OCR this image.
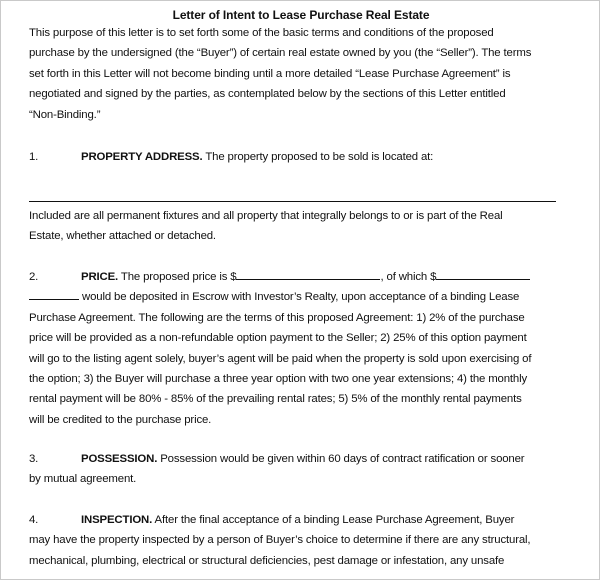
Letter of Intent to Lease Purchase Real Estate
This purpose of this letter is to set forth some of the basic terms and conditions of the proposed
purchase by the undersigned (the “Buyer”) of certain real estate owned by you (the “Seller”). The terms
set forth in this Letter will not become binding until a more detailed “Lease Purchase Agreement” is
negotiated and signed by the parties, as contemplated below by the sections of this Letter entitled
“Non-Binding.”
1.	PROPERTY ADDRESS. The property proposed to be sold is located at:
Included are all permanent fixtures and all property that integrally belongs to or is part of the Real
Estate, whether attached or detached.
2.	PRICE. The proposed price is $	, of which $
would be deposited in Escrow with Investor’s Realty, upon acceptance of a binding Lease
Purchase Agreement. The following are the terms of this proposed Agreement: 1) 2% of the purchase
price will be provided as a non-refundable option payment to the Seller; 2) 25% of this option payment
will go to the listing agent solely, buyer’s agent will be paid when the property is sold upon exercising of
the option; 3) the Buyer will purchase a three year option with two one year extensions; 4) the monthly
rental payment will be 80% - 85% of the prevailing rental rates; 5) 5% of the monthly rental payments
will be credited to the purchase price.
3.	POSSESSION. Possession would be given within 60 days of contract ratification or sooner
by mutual agreement.
4.	INSPECTION. After the final acceptance of a binding Lease Purchase Agreement, Buyer
may have the property inspected by a person of Buyer’s choice to determine if there are any structural,
mechanical, plumbing, electrical or structural deficiencies, pest damage or infestation, any unsafe
